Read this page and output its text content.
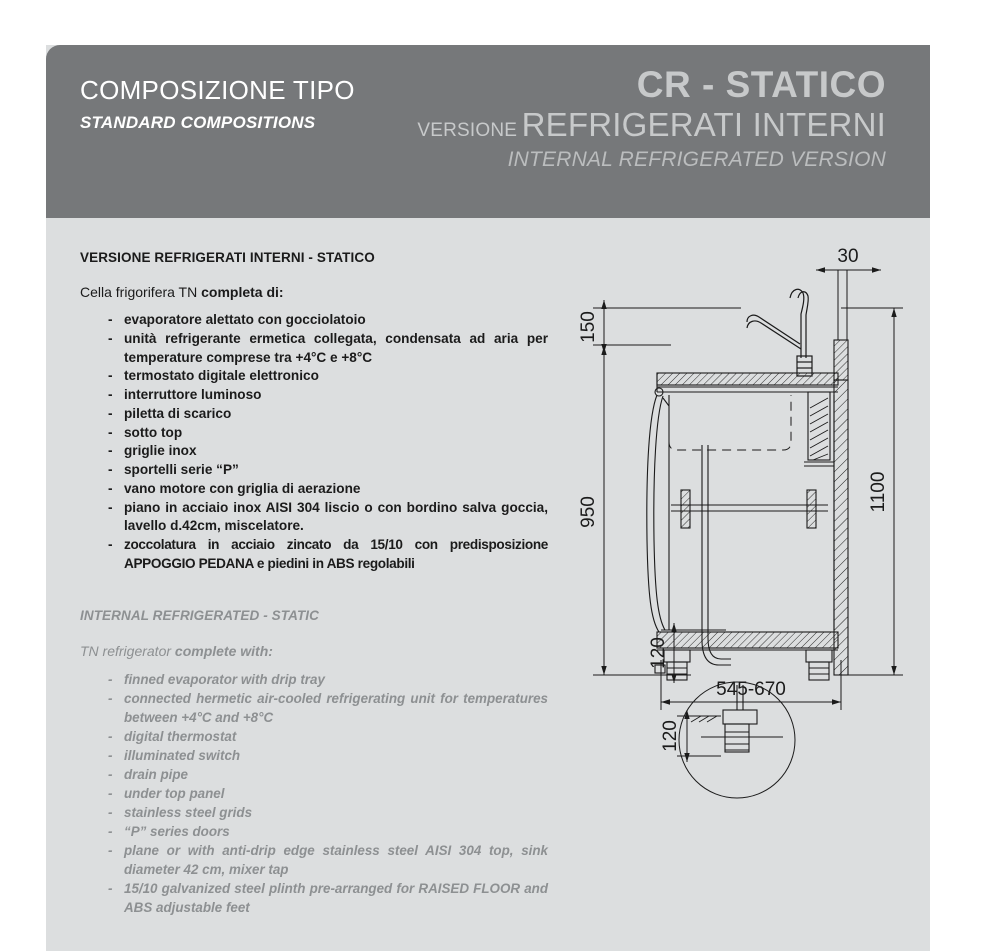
COMPOSIZIONE TIPO
STANDARD COMPOSITIONS
CR - STATICO
VERSIONE REFRIGERATI INTERNI
INTERNAL REFRIGERATED VERSION
VERSIONE REFRIGERATI INTERNI - STATICO
Cella frigorifera TN completa di:
- evaporatore alettato con gocciolatoio
- unità refrigerante ermetica collegata, condensata ad aria per temperature comprese tra +4°C e +8°C
- termostato digitale elettronico
- interruttore luminoso
- piletta di scarico
- sotto top
- griglie inox
- sportelli serie “P”
- vano motore con griglia di aerazione
- piano in acciaio inox AISI 304 liscio o con bordino salva goccia, lavello d.42cm, miscelatore.
- zoccolatura in acciaio zincato da 15/10 con predisposizione APPOGGIO PEDANA e piedini in ABS regolabili
INTERNAL REFRIGERATED - STATIC
TN refrigerator complete with:
- finned evaporator with drip tray
- connected hermetic air-cooled refrigerating unit for temperatures between +4°C and +8°C
- digital thermostat
- illuminated switch
- drain pipe
- under top panel
- stainless steel grids
- “P” series doors
- plane or with anti-drip edge stainless steel AISI 304 top, sink diameter 42 cm, mixer tap
- 15/10 galvanized steel plinth pre-arranged for RAISED FLOOR and ABS adjustable feet
30
150
950
120
1100
545-670
120
